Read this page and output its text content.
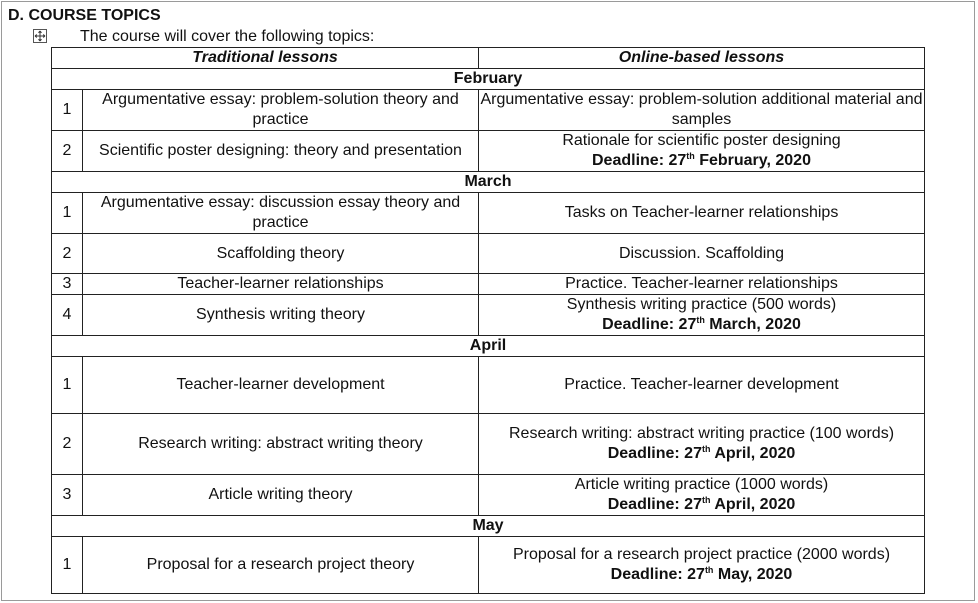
D. COURSE TOPICS
The course will cover the following topics:
Traditional lessons		Online-based lessons
February		
1	Argumentative essay: problem-solution theory and practice	Argumentative essay: problem-solution additional material and samples

2	Scientific poster designing: theory and presentation	Rationale for scientific poster designing
Deadline: 27th February, 2020

March		
1	Argumentative essay: discussion essay theory and practice	Tasks on Teacher-learner relationships

2	Scaffolding theory	Discussion. Scaffolding

3	Teacher-learner relationships	Practice. Teacher-learner relationships

4	Synthesis writing theory	Synthesis writing practice (500 words)
Deadline: 27th March, 2020

April		
1	Teacher-learner development	Practice. Teacher-learner development

2	Research writing: abstract writing theory	Research writing: abstract writing practice (100 words)
Deadline: 27th April, 2020

3	Article writing theory	Article writing practice (1000 words)
Deadline: 27th April, 2020

May		
1	Proposal for a research project theory	Proposal for a research project practice (2000 words)
Deadline: 27th May, 2020
